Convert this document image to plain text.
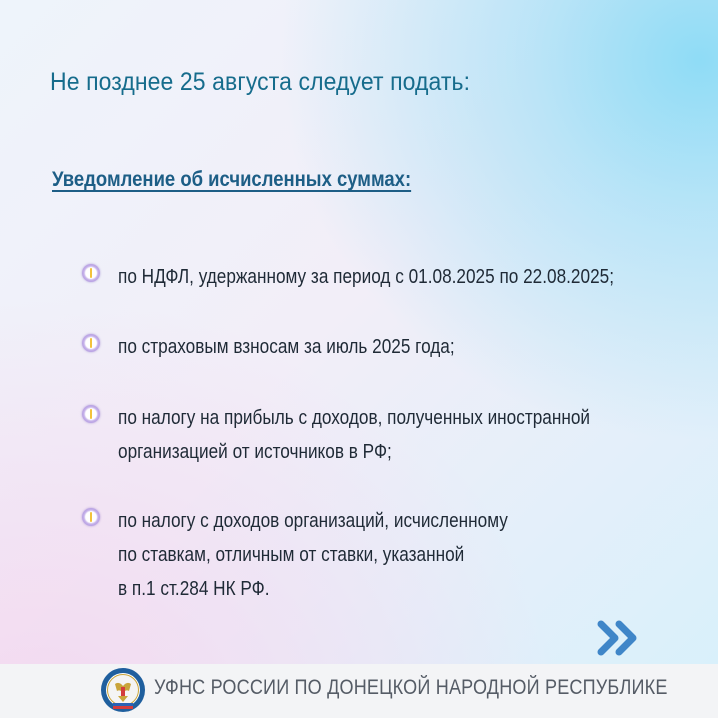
Не позднее 25 августа следует подать:
Уведомление об исчисленных суммах:
по НДФЛ, удержанному за период с 01.08.2025 по 22.08.2025;
по страховым взносам за июль 2025 года;
по налогу на прибыль с доходов, полученных иностранной
организацией от источников в РФ;
по налогу с доходов организаций, исчисленному
по ставкам, отличным от ставки, указанной
в п.1 ст.284 НК РФ.
УФНС РОССИИ ПО ДОНЕЦКОЙ НАРОДНОЙ РЕСПУБЛИКЕ
